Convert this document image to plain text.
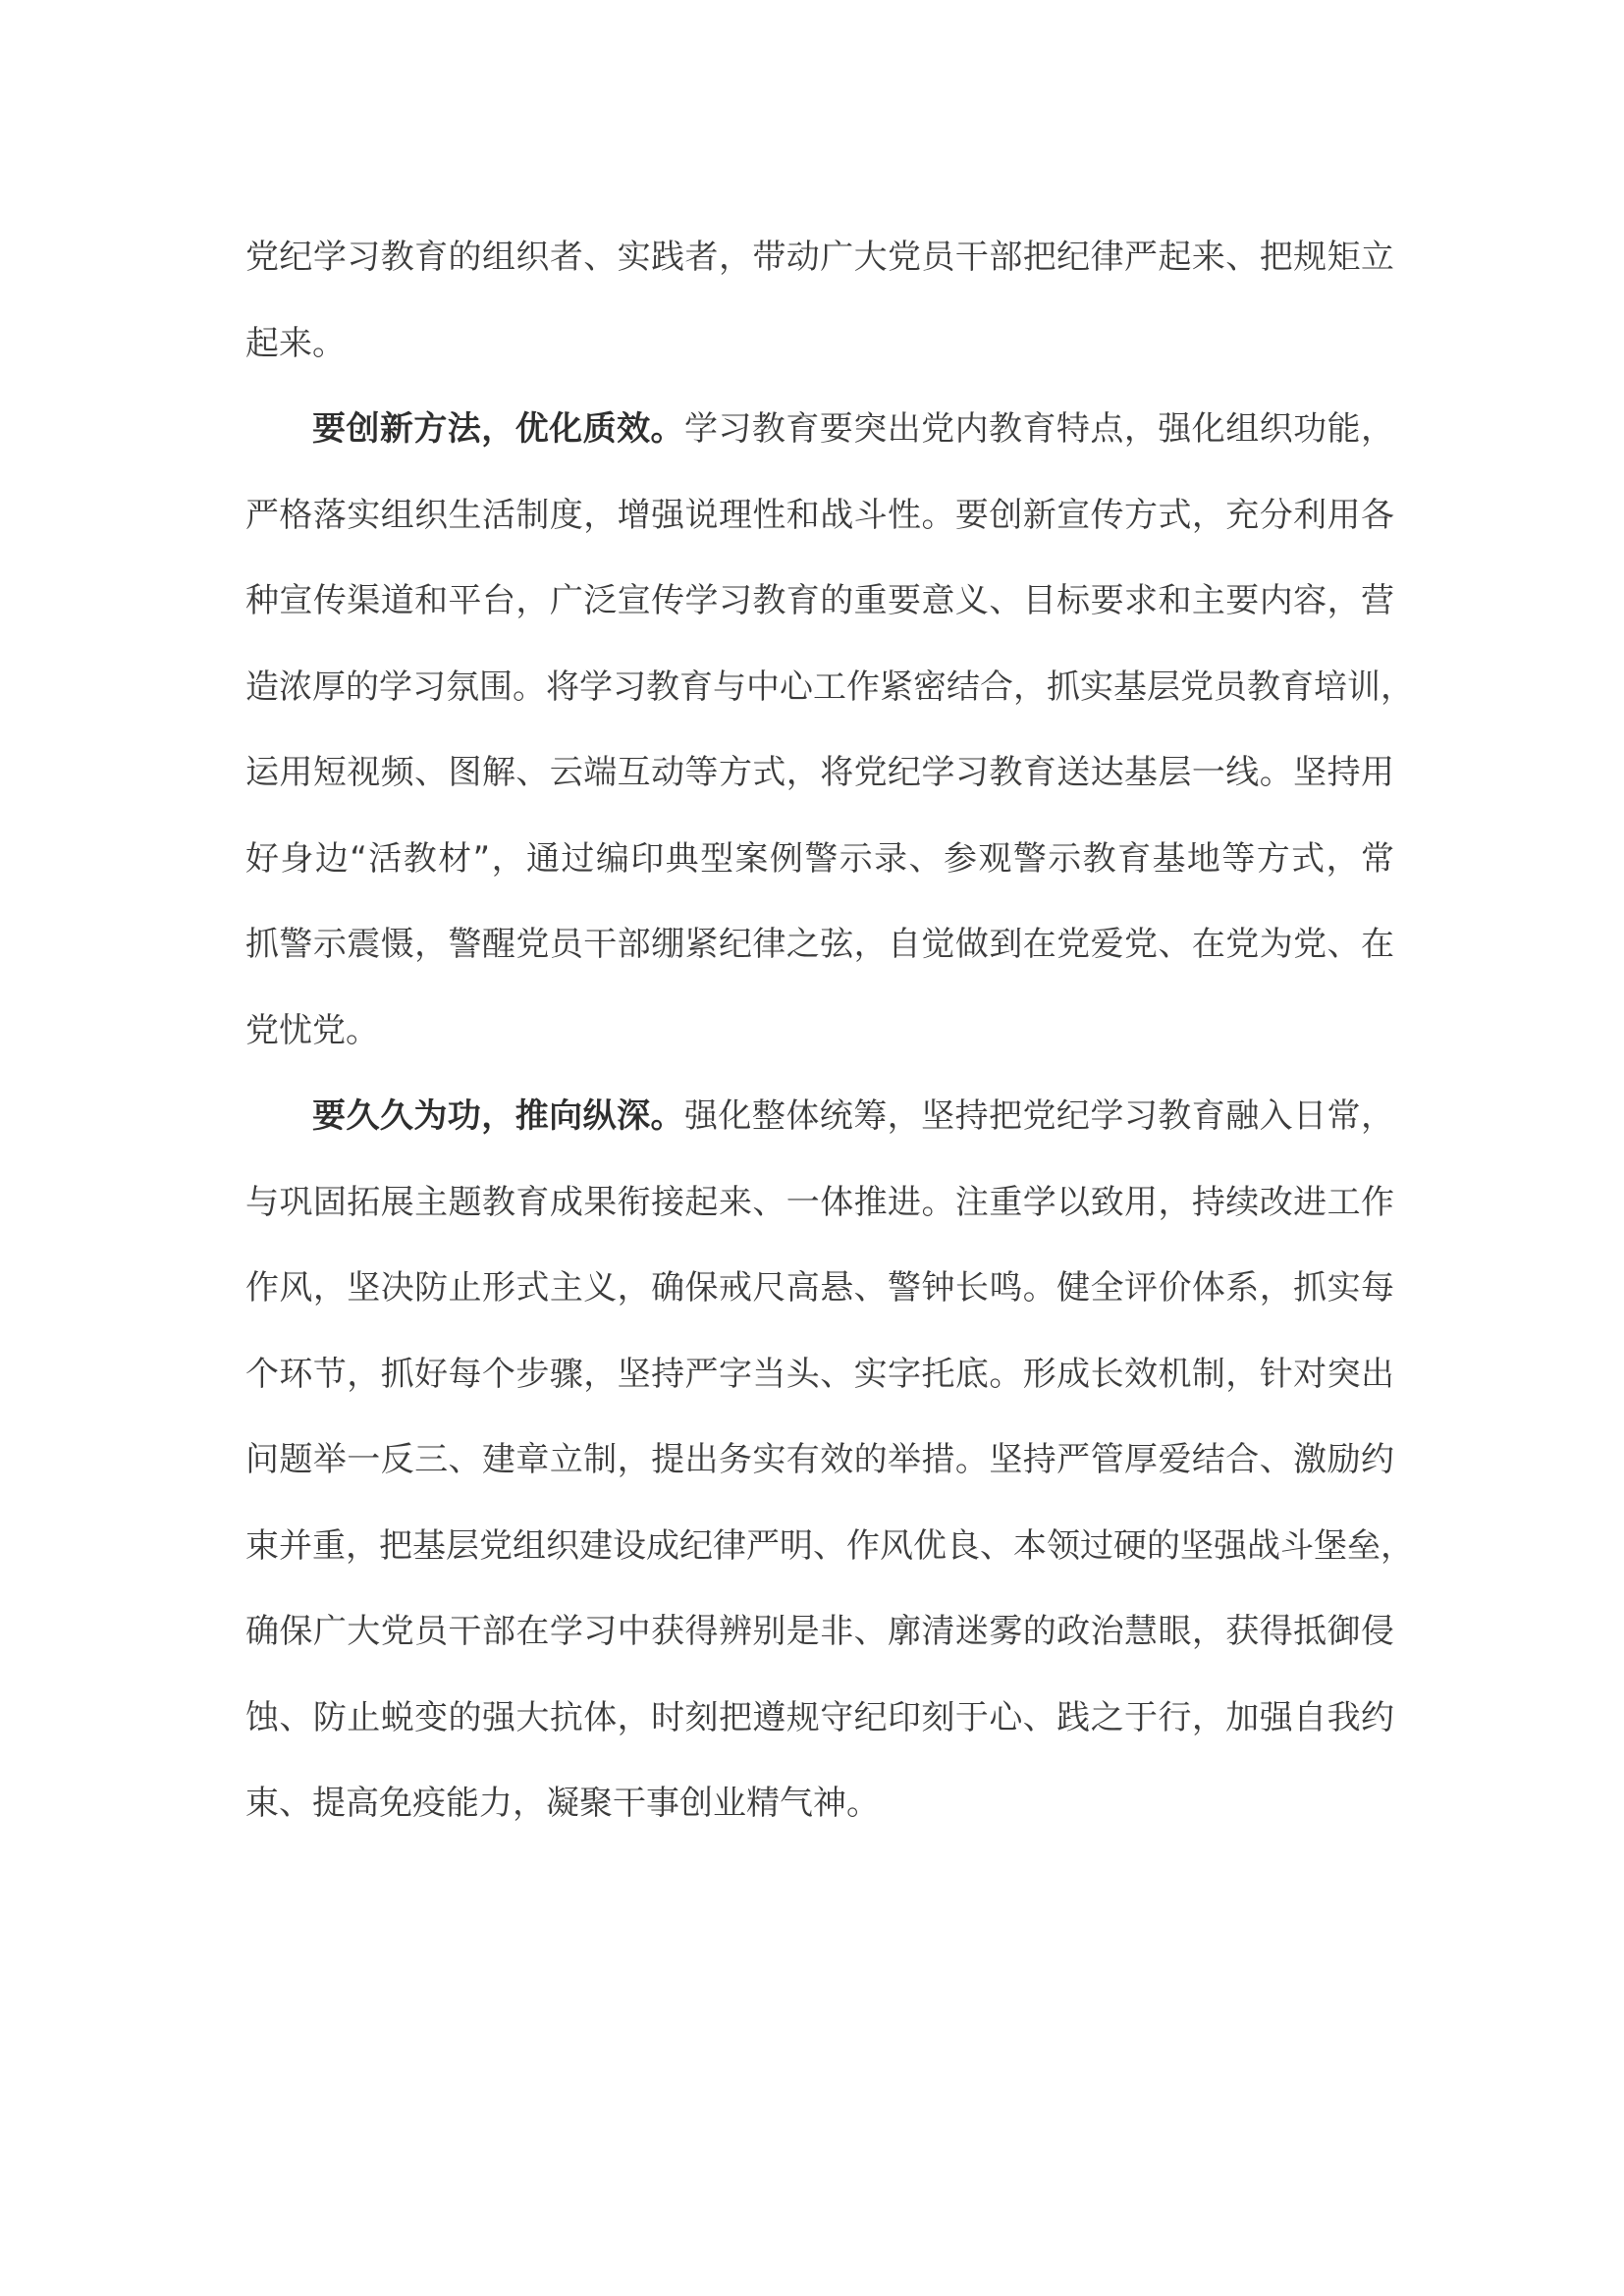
党纪学习教育的组织者、实践者，带动广大党员干部把纪律严起来、把规矩立
起来。
要创新方法，优化质效。学习教育要突出党内教育特点，强化组织功能，
严格落实组织生活制度，增强说理性和战斗性。要创新宣传方式，充分利用各
种宣传渠道和平台，广泛宣传学习教育的重要意义、目标要求和主要内容，营
造浓厚的学习氛围。将学习教育与中心工作紧密结合，抓实基层党员教育培训，
运用短视频、图解、云端互动等方式，将党纪学习教育送达基层一线。坚持用
好身边“活教材”，通过编印典型案例警示录、参观警示教育基地等方式，常
抓警示震慑，警醒党员干部绷紧纪律之弦，自觉做到在党爱党、在党为党、在
党忧党。
要久久为功，推向纵深。强化整体统筹，坚持把党纪学习教育融入日常，
与巩固拓展主题教育成果衔接起来、一体推进。注重学以致用，持续改进工作
作风，坚决防止形式主义，确保戒尺高悬、警钟长鸣。健全评价体系，抓实每
个环节，抓好每个步骤，坚持严字当头、实字托底。形成长效机制，针对突出
问题举一反三、建章立制，提出务实有效的举措。坚持严管厚爱结合、激励约
束并重，把基层党组织建设成纪律严明、作风优良、本领过硬的坚强战斗堡垒，
确保广大党员干部在学习中获得辨别是非、廓清迷雾的政治慧眼，获得抵御侵
蚀、防止蜕变的强大抗体，时刻把遵规守纪印刻于心、践之于行，加强自我约
束、提高免疫能力，凝聚干事创业精气神。
